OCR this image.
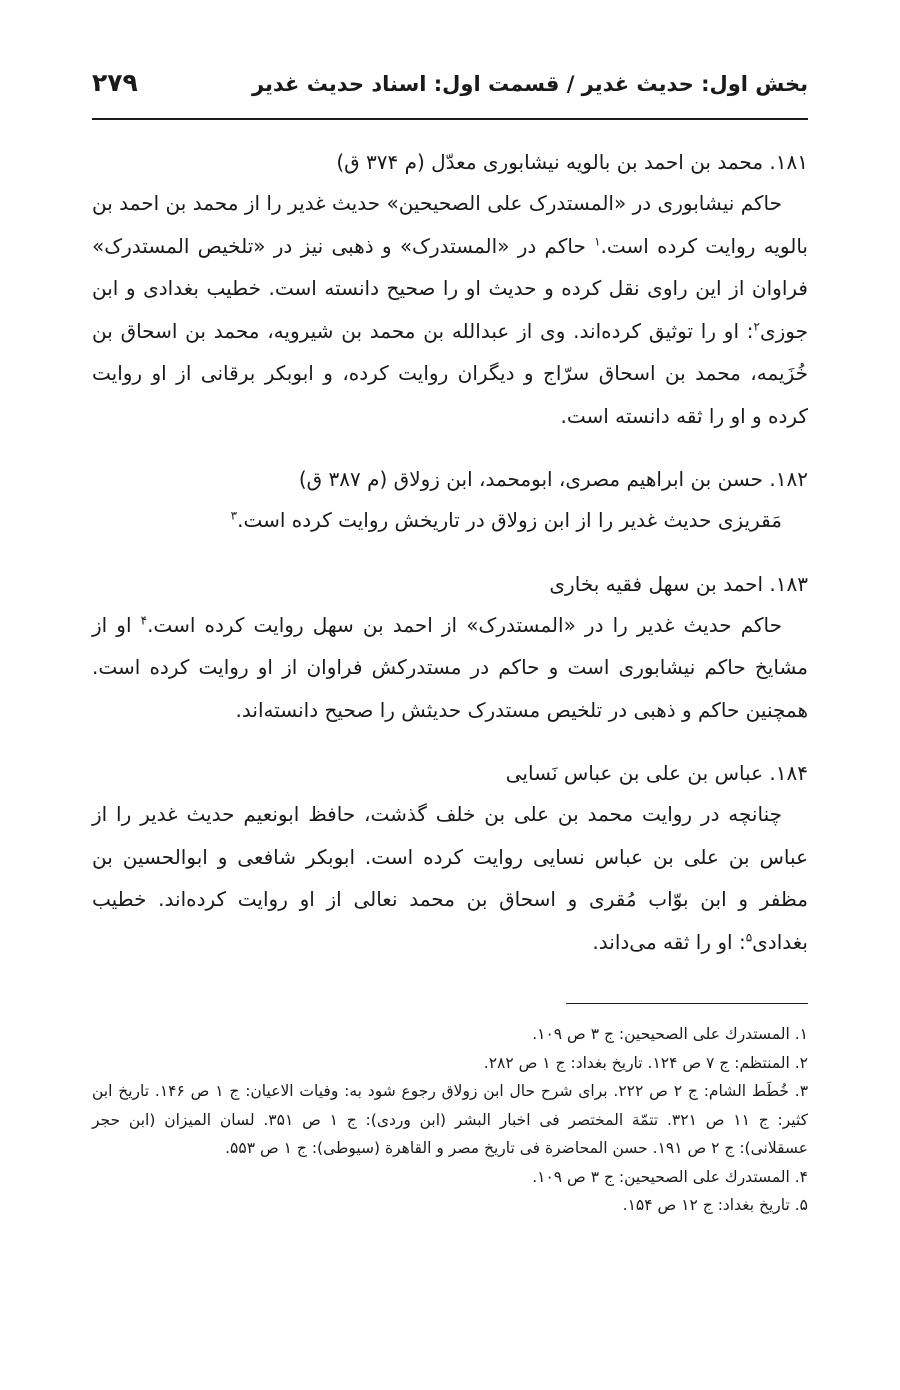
بخش اول: حدیث غدیر / قسمت اول: اسناد حدیث غدیر
۲۷۹

۱۸۱. محمد بن احمد بن بالویه نیشابوری معدّل (م ۳۷۴ ق)

حاکم نیشابوری در «المستدرک علی الصحیحین» حدیث غدیر را از محمد بن احمد بن بالویه روایت کرده است.$^۱$ حاکم در «المستدرک» و ذهبی نیز در «تلخیص المستدرک» فراوان از این راوی نقل کرده و حدیث او را صحیح دانسته است. خطیب بغدادی و ابن جوزی$^۲$: او را توثیق کرده‌اند. وی از عبدالله بن محمد بن شیرویه، محمد بن اسحاق بن خُزَیمه، محمد بن اسحاق سرّاج و دیگران روایت کرده، و ابوبکر برقانی از او روایت کرده و او را ثقه دانسته است.

۱۸۲. حسن بن ابراهیم مصری، ابومحمد، ابن زولاق (م ۳۸۷ ق)

مَقریزی حدیث غدیر را از ابن زولاق در تاریخش روایت کرده است.$^۳$

۱۸۳. احمد بن سهل فقیه بخاری

حاکم حدیث غدیر را در «المستدرک» از احمد بن سهل روایت کرده است.$^۴$ او از مشایخ حاکم نیشابوری است و حاکم در مستدرکش فراوان از او روایت کرده است. همچنین حاکم و ذهبی در تلخیص مستدرک حدیثش را صحیح دانسته‌اند.

۱۸۴. عباس بن علی بن عباس نَسایی

چنانچه در روایت محمد بن علی بن خلف گذشت، حافظ ابونعیم حدیث غدیر را از عباس بن علی بن عباس نسایی روایت کرده است. ابوبکر شافعی و ابوالحسین بن مظفر و ابن بوّاب مُقری و اسحاق بن محمد نعالی از او روایت کرده‌اند. خطیب بغدادی$^۵$: او را ثقه می‌داند.

۱. المستدرك علی الصحیحین: ج ۳ ص ۱۰۹.

۲. المنتظم: ج ۷ ص ۱۲۴. تاریخ بغداد: ج ۱ ص ۲۸۲.

۳. خُطَط الشام: ج ۲ ص ۲۲۲. برای شرح حال ابن زولاق رجوع شود به: وفیات الاعیان: ج ۱ ص ۱۴۶. تاریخ ابن کثیر: ج ۱۱ ص ۳۲۱. تتمّة المختصر فی اخبار البشر (ابن وردی): ج ۱ ص ۳۵۱. لسان المیزان (ابن حجر عسقلانی): ج ۲ ص ۱۹۱. حسن المحاضرة فی تاریخ مصر و القاهرة (سیوطی): ج ۱ ص ۵۵۳.

۴. المستدرك علی الصحیحین: ج ۳ ص ۱۰۹.

۵. تاریخ بغداد: ج ۱۲ ص ۱۵۴.
